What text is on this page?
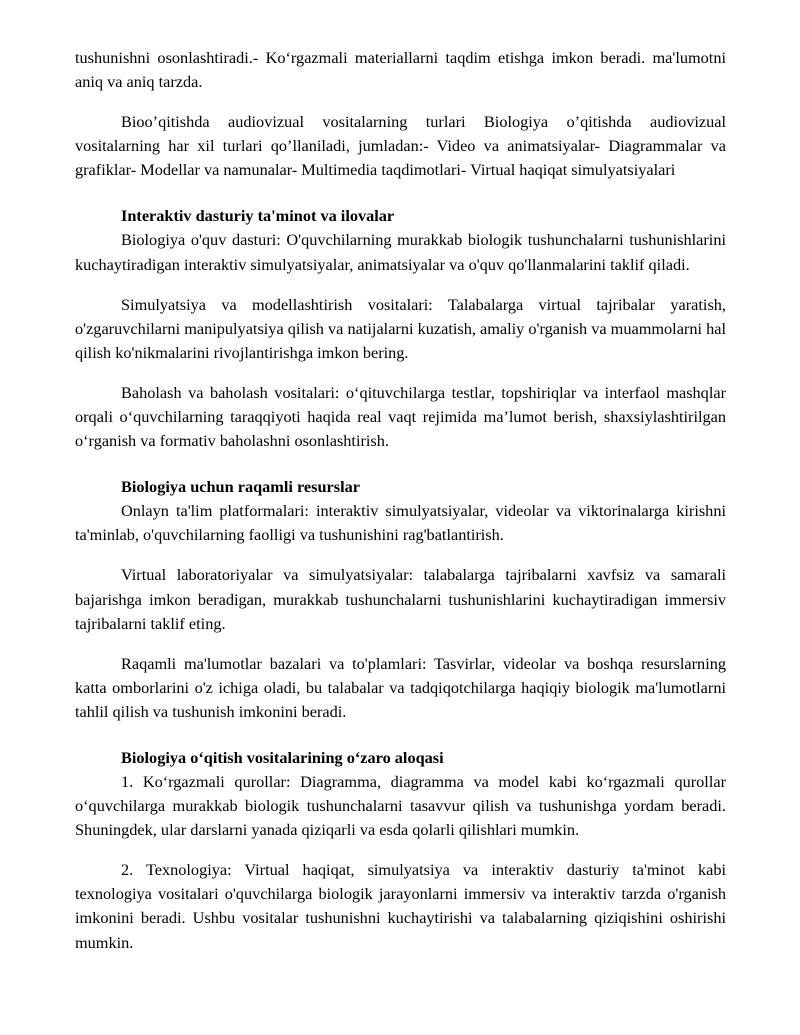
tushunishni osonlashtiradi.- Ko‘rgazmali materiallarni taqdim etishga imkon beradi. ma'lumotni aniq va aniq tarzda.

Bioo’qitishda audiovizual vositalarning turlari Biologiya o’qitishda audiovizual vositalarning har xil turlari qo’llaniladi, jumladan:- Video va animatsiyalar- Diagrammalar va grafiklar- Modellar va namunalar- Multimedia taqdimotlari- Virtual haqiqat simulyatsiyalari

Interaktiv dasturiy ta'minot va ilovalar

Biologiya o'quv dasturi: O'quvchilarning murakkab biologik tushunchalarni tushunishlarini kuchaytiradigan interaktiv simulyatsiyalar, animatsiyalar va o'quv qo'llanmalarini taklif qiladi.

Simulyatsiya va modellashtirish vositalari: Talabalarga virtual tajribalar yaratish, o'zgaruvchilarni manipulyatsiya qilish va natijalarni kuzatish, amaliy o'rganish va muammolarni hal qilish ko'nikmalarini rivojlantirishga imkon bering.

Baholash va baholash vositalari: o‘qituvchilarga testlar, topshiriqlar va interfaol mashqlar orqali o‘quvchilarning taraqqiyoti haqida real vaqt rejimida ma’lumot berish, shaxsiylashtirilgan o‘rganish va formativ baholashni osonlashtirish.

Biologiya uchun raqamli resurslar

Onlayn ta'lim platformalari: interaktiv simulyatsiyalar, videolar va viktorinalarga kirishni ta'minlab, o'quvchilarning faolligi va tushunishini rag'batlantirish.

Virtual laboratoriyalar va simulyatsiyalar: talabalarga tajribalarni xavfsiz va samarali bajarishga imkon beradigan, murakkab tushunchalarni tushunishlarini kuchaytiradigan immersiv tajribalarni taklif eting.

Raqamli ma'lumotlar bazalari va to'plamlari: Tasvirlar, videolar va boshqa resurslarning katta omborlarini o'z ichiga oladi, bu talabalar va tadqiqotchilarga haqiqiy biologik ma'lumotlarni tahlil qilish va tushunish imkonini beradi.

Biologiya o‘qitish vositalarining o‘zaro aloqasi

1. Ko‘rgazmali qurollar: Diagramma, diagramma va model kabi ko‘rgazmali qurollar o‘quvchilarga murakkab biologik tushunchalarni tasavvur qilish va tushunishga yordam beradi. Shuningdek, ular darslarni yanada qiziqarli va esda qolarli qilishlari mumkin.

2. Texnologiya: Virtual haqiqat, simulyatsiya va interaktiv dasturiy ta'minot kabi texnologiya vositalari o'quvchilarga biologik jarayonlarni immersiv va interaktiv tarzda o'rganish imkonini beradi. Ushbu vositalar tushunishni kuchaytirishi va talabalarning qiziqishini oshirishi mumkin.
